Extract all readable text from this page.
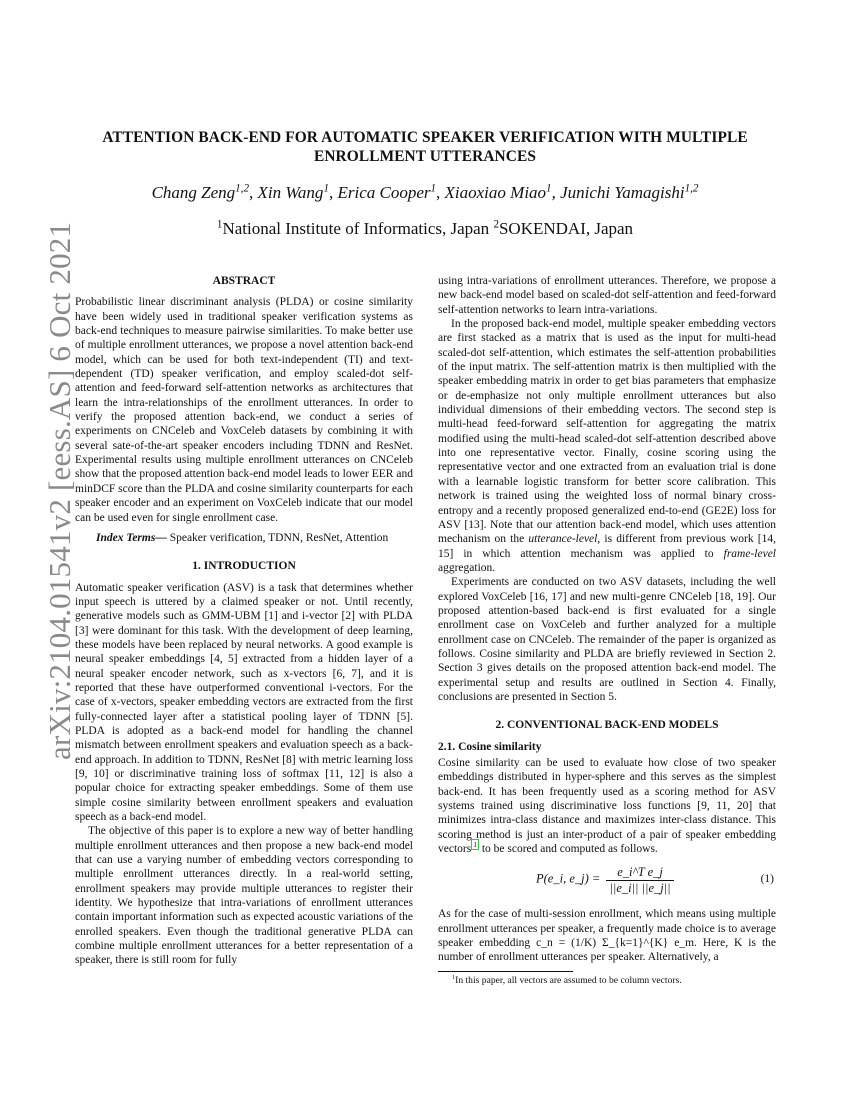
arXiv:2104.01541v2 [eess.AS] 6 Oct 2021
ATTENTION BACK-END FOR AUTOMATIC SPEAKER VERIFICATION WITH MULTIPLE
ENROLLMENT UTTERANCES
Chang Zeng$^{1,2}$, Xin Wang$^1$, Erica Cooper$^1$, Xiaoxiao Miao$^1$, Junichi Yamagishi$^{1,2}$
$^1$National Institute of Informatics, Japan $^2$SOKENDAI, Japan
ABSTRACT

Probabilistic linear discriminant analysis (PLDA) or cosine similarity have been widely used in traditional speaker verification systems as back-end techniques to measure pairwise similarities. To make better use of multiple enrollment utterances, we propose a novel attention back-end model, which can be used for both text-independent (TI) and text-dependent (TD) speaker verification, and employ scaled-dot self-attention and feed-forward self-attention networks as architectures that learn the intra-relationships of the enrollment utterances. In order to verify the proposed attention back-end, we conduct a series of experiments on CNCeleb and VoxCeleb datasets by combining it with several sate-of-the-art speaker encoders including TDNN and ResNet. Experimental results using multiple enrollment utterances on CNCeleb show that the proposed attention back-end model leads to lower EER and minDCF score than the PLDA and cosine similarity counterparts for each speaker encoder and an experiment on VoxCeleb indicate that our model can be used even for single enrollment case.

Index Terms— Speaker verification, TDNN, ResNet, Attention

1. INTRODUCTION

Automatic speaker verification (ASV) is a task that determines whether input speech is uttered by a claimed speaker or not. Until recently, generative models such as GMM-UBM [1] and i-vector [2] with PLDA [3] were dominant for this task. With the development of deep learning, these models have been replaced by neural networks. A good example is neural speaker embeddings [4, 5] extracted from a hidden layer of a neural speaker encoder network, such as x-vectors [6, 7], and it is reported that these have outperformed conventional i-vectors. For the case of x-vectors, speaker embedding vectors are extracted from the first fully-connected layer after a statistical pooling layer of TDNN [5]. PLDA is adopted as a back-end model for handling the channel mismatch between enrollment speakers and evaluation speech as a back-end approach. In addition to TDNN, ResNet [8] with metric learning loss [9, 10] or discriminative training loss of softmax [11, 12] is also a popular choice for extracting speaker embeddings. Some of them use simple cosine similarity between enrollment speakers and evaluation speech as a back-end model.

The objective of this paper is to explore a new way of better handling multiple enrollment utterances and then propose a new back-end model that can use a varying number of embedding vectors corresponding to multiple enrollment utterances directly. In a real-world setting, enrollment speakers may provide multiple utterances to register their identity. We hypothesize that intra-variations of enrollment utterances contain important information such as expected acoustic variations of the enrolled speakers. Even though the traditional generative PLDA can combine multiple enrollment utterances for a better representation of a speaker, there is still room for fully

using intra-variations of enrollment utterances. Therefore, we propose a new back-end model based on scaled-dot self-attention and feed-forward self-attention networks to learn intra-variations.

In the proposed back-end model, multiple speaker embedding vectors are first stacked as a matrix that is used as the input for multi-head scaled-dot self-attention, which estimates the self-attention probabilities of the input matrix. The self-attention matrix is then multiplied with the speaker embedding matrix in order to get bias parameters that emphasize or de-emphasize not only multiple enrollment utterances but also individual dimensions of their embedding vectors. The second step is multi-head feed-forward self-attention for aggregating the matrix modified using the multi-head scaled-dot self-attention described above into one representative vector. Finally, cosine scoring using the representative vector and one extracted from an evaluation trial is done with a learnable logistic transform for better score calibration. This network is trained using the weighted loss of normal binary cross-entropy and a recently proposed generalized end-to-end (GE2E) loss for ASV [13]. Note that our attention back-end model, which uses attention mechanism on the utterance-level, is different from previous work [14, 15] in which attention mechanism was applied to frame-level aggregation.

Experiments are conducted on two ASV datasets, including the well explored VoxCeleb [16, 17] and new multi-genre CNCeleb [18, 19]. Our proposed attention-based back-end is first evaluated for a single enrollment case on VoxCeleb and further analyzed for a multiple enrollment case on CNCeleb. The remainder of the paper is organized as follows. Cosine similarity and PLDA are briefly reviewed in Section 2. Section 3 gives details on the proposed attention back-end model. The experimental setup and results are outlined in Section 4. Finally, conclusions are presented in Section 5.

2. CONVENTIONAL BACK-END MODELS
2.1. Cosine similarity

Cosine similarity can be used to evaluate how close of two speaker embeddings distributed in hyper-sphere and this serves as the simplest back-end. It has been frequently used as a scoring method for ASV systems trained using discriminative loss functions [9, 11, 20] that minimizes intra-class distance and maximizes inter-class distance. This scoring method is just an inter-product of a pair of speaker embedding vectors $^1$ to be scored and computed as follows.

P(e_i, e_j) = $\frac{\text{e\_i\textasciicircum{}T e\_j}}{||e\_i|| ||e\_j||}$	(1)

As for the case of multi-session enrollment, which means using multiple enrollment utterances per speaker, a frequently made choice is to average speaker embedding c_n = (1/K) Σ_{k=1}^{K} e_m. Here, K is the number of enrollment utterances per speaker. Alternatively, a

$^1$In this paper, all vectors are assumed to be column vectors.
